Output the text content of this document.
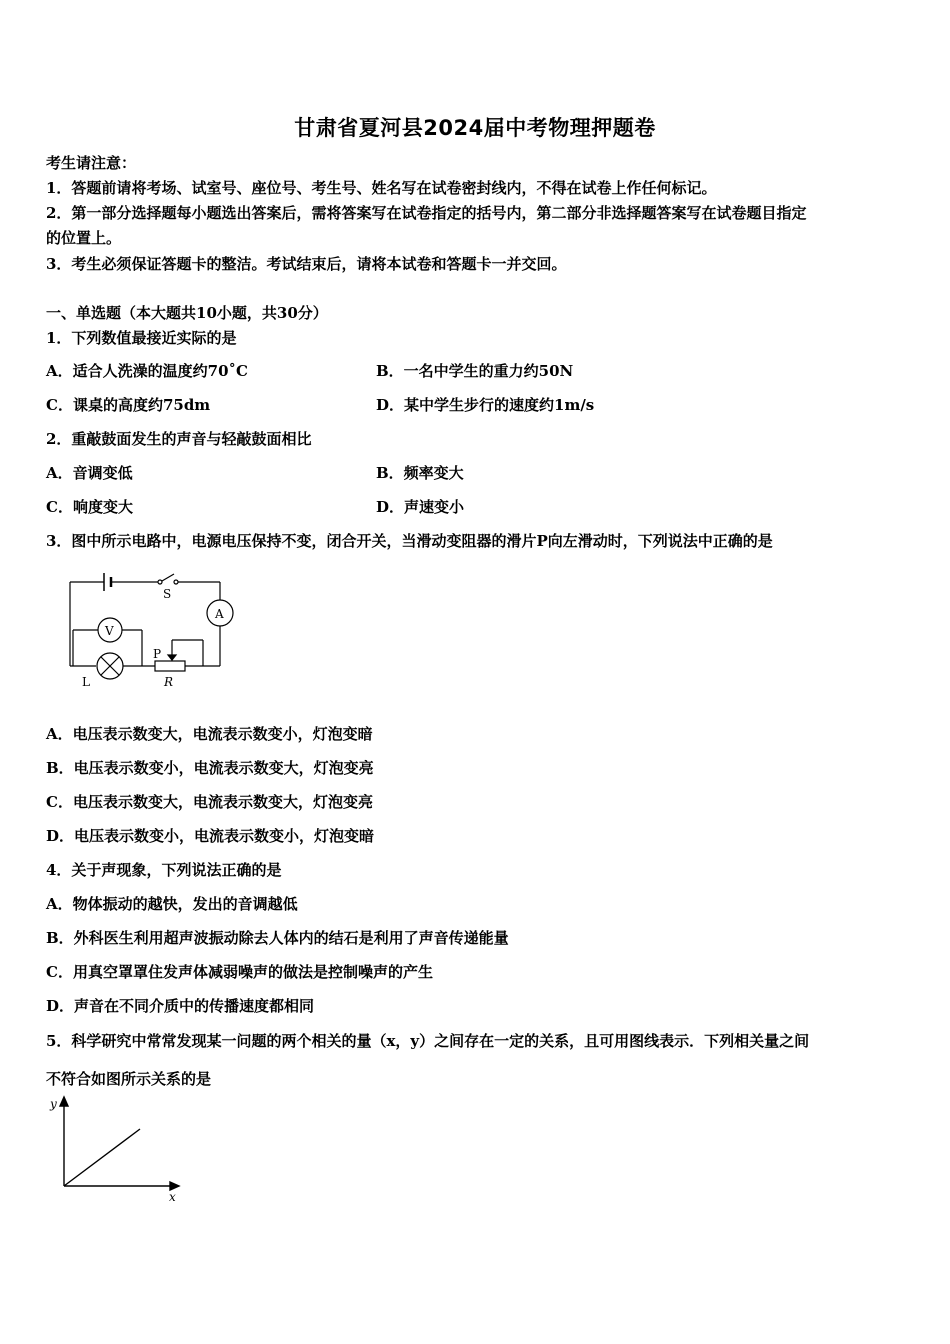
甘肃省夏河县2024届中考物理押题卷
考生请注意：
1．答题前请将考场、试室号、座位号、考生号、姓名写在试卷密封线内，不得在试卷上作任何标记。
2．第一部分选择题每小题选出答案后，需将答案写在试卷指定的括号内，第二部分非选择题答案写在试卷题目指定
的位置上。
3．考生必须保证答题卡的整洁。考试结束后，请将本试卷和答题卡一并交回。
一、单选题（本大题共10小题，共30分）
1．下列数值最接近实际的是
A．适合人洗澡的温度约70˚C	B．一名中学生的重力约50N
C．课桌的高度约75dm	D．某中学生步行的速度约1m/s
2．重敲鼓面发生的声音与轻敲鼓面相比
A．音调变低	B．频率变大
C．响度变大	D．声速变小
3．图中所示电路中，电源电压保持不变，闭合开关，当滑动变阻器的滑片P向左滑动时，下列说法中正确的是
S
A
V
L
P
R
A．电压表示数变大，电流表示数变小，灯泡变暗
B．电压表示数变小，电流表示数变大，灯泡变亮
C．电压表示数变大，电流表示数变大，灯泡变亮
D．电压表示数变小，电流表示数变小，灯泡变暗
4．关于声现象，下列说法正确的是
A．物体振动的越快，发出的音调越低
B．外科医生利用超声波振动除去人体内的结石是利用了声音传递能量
C．用真空罩罩住发声体减弱噪声的做法是控制噪声的产生
D．声音在不同介质中的传播速度都相同
5．科学研究中常常发现某一问题的两个相关的量（x，y）之间存在一定的关系，且可用图线表示．下列相关量之间
不符合如图所示关系的是
y
x
